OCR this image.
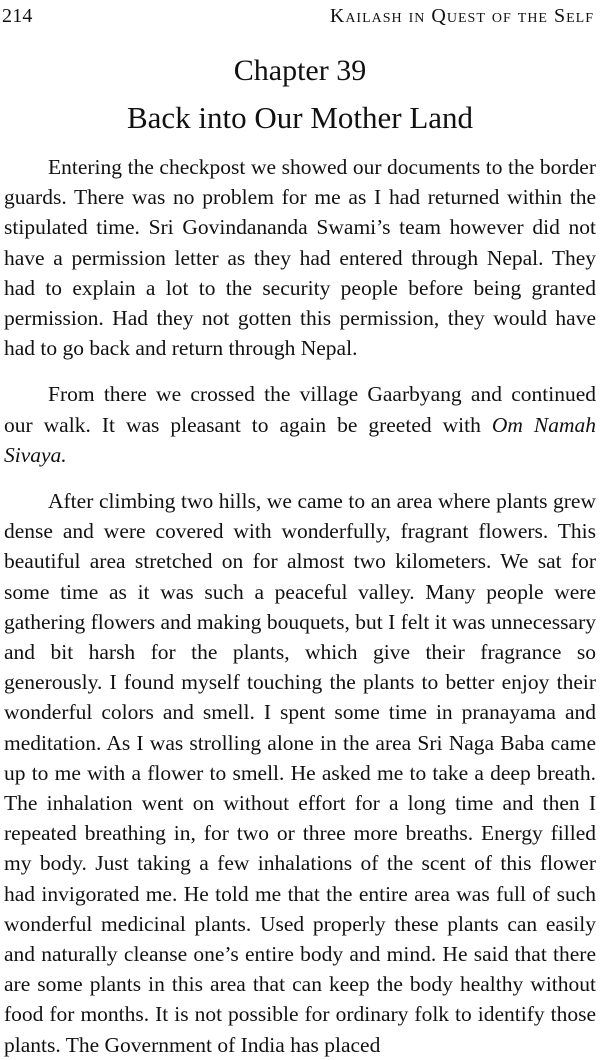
214	Kailash in Quest of the Self
Chapter 39
Back into Our Mother Land

Entering the checkpost we showed our documents to the border guards. There was no problem for me as I had returned within the stipulated time. Sri Govindananda Swami’s team however did not have a permission letter as they had entered through Nepal. They had to explain a lot to the security people before being granted permission. Had they not gotten this permission, they would have had to go back and return through Nepal.

From there we crossed the village Gaarbyang and continued our walk. It was pleasant to again be greeted with Om Namah Sivaya.

After climbing two hills, we came to an area where plants grew dense and were covered with wonderfully, fragrant flowers. This beautiful area stretched on for almost two kilometers. We sat for some time as it was such a peaceful valley. Many people were gathering flowers and making bouquets, but I felt it was unnecessary and bit harsh for the plants, which give their fragrance so generously. I found myself touching the plants to better enjoy their wonderful colors and smell. I spent some time in pranayama and meditation. As I was strolling alone in the area Sri Naga Baba came up to me with a flower to smell. He asked me to take a deep breath. The inhalation went on without effort for a long time and then I repeated breathing in, for two or three more breaths. Energy filled my body. Just taking a few inhalations of the scent of this flower had invigorated me. He told me that the entire area was full of such wonderful medicinal plants. Used properly these plants can easily and naturally cleanse one’s entire body and mind. He said that there are some plants in this area that can keep the body healthy without food for months. It is not possible for ordinary folk to identify those plants. The Government of India has placed
